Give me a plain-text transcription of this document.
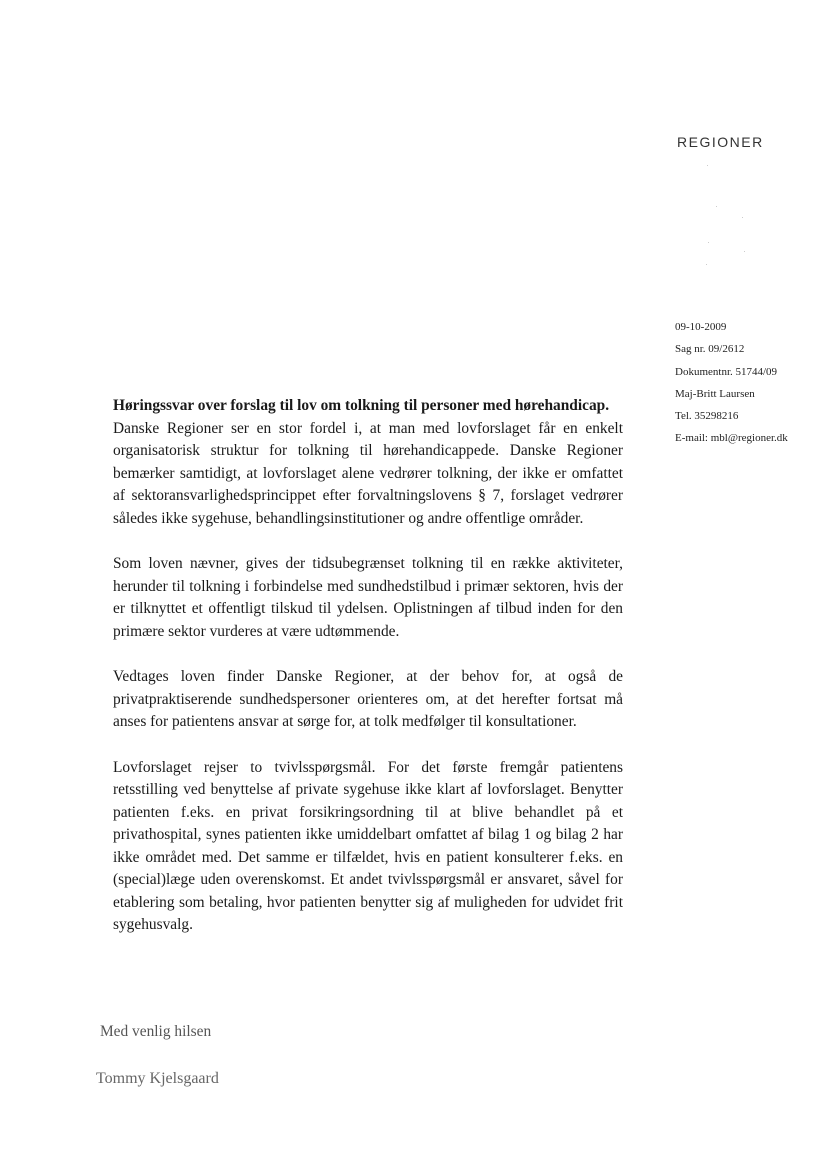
REGIONER
09-10-2009
Sag nr. 09/2612
Dokumentnr. 51744/09
Maj-Britt Laursen
Tel. 35298216
E-mail: mbl@regioner.dk
Høringssvar over forslag til lov om tolkning til personer med hørehandicap.

Danske Regioner ser en stor fordel i, at man med lovforslaget får en enkelt organisatorisk struktur for tolkning til hørehandicappede. Danske Regioner bemærker samtidigt, at lovforslaget alene vedrører tolkning, der ikke er omfattet af sektoransvarlighedsprincippet efter forvaltningslovens § 7, forslaget vedrører således ikke sygehuse, behandlingsinstitutioner og andre offentlige områder.

Som loven nævner, gives der tidsubegrænset tolkning til en række aktiviteter, herunder til tolkning i forbindelse med sundhedstilbud i primær sektoren, hvis der er tilknyttet et offentligt tilskud til ydelsen. Oplistningen af tilbud inden for den primære sektor vurderes at være udtømmende.

Vedtages loven finder Danske Regioner, at der behov for, at også de privatpraktiserende sundhedspersoner orienteres om, at det herefter fortsat må anses for patientens ansvar at sørge for, at tolk medfølger til konsultationer.

Lovforslaget rejser to tvivlsspørgsmål. For det første fremgår patientens retsstilling ved benyttelse af private sygehuse ikke klart af lovforslaget. Benytter patienten f.eks. en privat forsikringsordning til at blive behandlet på et privathospital, synes patienten ikke umiddelbart omfattet af bilag 1 og bilag 2 har ikke området med. Det samme er tilfældet, hvis en patient konsulterer f.eks. en (special)læge uden overenskomst. Et andet tvivlsspørgsmål er ansvaret, såvel for etablering som betaling, hvor patienten benytter sig af muligheden for udvidet frit sygehusvalg.

Med venlig hilsen
Tommy Kjelsgaard
